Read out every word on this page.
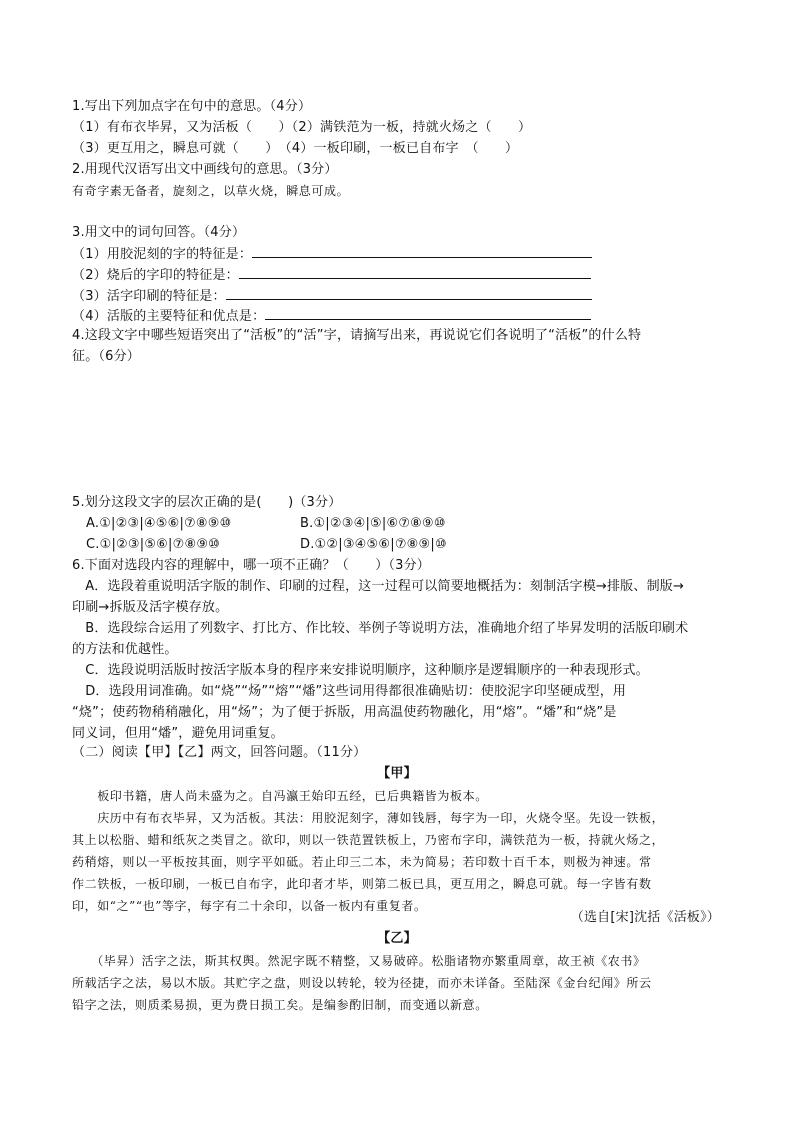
1.写出下列加点字在句中的意思。（4分）
（1）有布衣毕昇，又为活板（　　）（2）满铁范为一板，持就火炀之（　　）
（3）更互用之，瞬息可就（　　）　（4）一板印刷，一板已自布字　（　　）
2.用现代汉语写出文中画线句的意思。（3分）
有奇字素无备者，旋刻之，以草火烧，瞬息可成。
3.用文中的词句回答。（4分）
（1）用胶泥刻的字的特征是：
（2）烧后的字印的特征是：
（3）活字印刷的特征是：
（4）活版的主要特征和优点是：
4.这段文字中哪些短语突出了“活板”的“活”字，请摘写出来，再说说它们各说明了“活板”的什么特
征。（6分）
5.划分这段文字的层次正确的是(　　)（3分）
A.①|②③|④⑤⑥|⑦⑧⑨⑩	B.①|②③④|⑤|⑥⑦⑧⑨⑩
C.①|②③|⑤⑥|⑦⑧⑨⑩	D.①②|③④⑤⑥|⑦⑧⑨|⑩
6.下面对选段内容的理解中，哪一项不正确？（　　）（3分）
　A．选段着重说明活字版的制作、印刷的过程，这一过程可以简要地概括为：刻制活字模→排版、制版→
印刷→拆版及活字模存放。
　B．选段综合运用了列数字、打比方、作比较、举例子等说明方法，准确地介绍了毕昇发明的活版印刷术
的方法和优越性。
　C．选段说明活版时按活字版本身的程序来安排说明顺序，这种顺序是逻辑顺序的一种表现形式。
　D．选段用词准确。如“烧”“炀”“熔”“燔”这些词用得都很准确贴切：使胶泥字印坚硬成型，用
“烧”；使药物稍稍融化，用“炀”；为了便于拆版，用高温使药物融化，用“熔”。“燔”和“烧”是
同义词，但用“燔”，避免用词重复。
（二）阅读【甲】【乙】两文，回答问题。（11分）
【甲】
　　板印书籍，唐人尚未盛为之。自冯瀛王始印五经，已后典籍皆为板本。
　　庆历中有布衣毕昇，又为活板。其法：用胶泥刻字，薄如钱唇，每字为一印，火烧令坚。先设一铁板，
其上以松脂、蜡和纸灰之类冒之。欲印，则以一铁范置铁板上，乃密布字印，满铁范为一板，持就火炀之，
药稍熔，则以一平板按其面，则字平如砥。若止印三二本，未为简易；若印数十百千本，则极为神速。常
作二铁板，一板印刷，一板已自布字，此印者才毕，则第二板已具，更互用之，瞬息可就。每一字皆有数
印，如“之”“也”等字，每字有二十余印，以备一板内有重复者。
（选自[宋]沈括《活板》）
【乙】
　　（毕昇）活字之法，斯其权舆。然泥字既不精整，又易破碎。松脂诸物亦繁重周章，故王祯《农书》
所载活字之法，易以木版。其贮字之盘，则设以转轮，较为径捷，而亦未详备。至陆深《金台纪闻》所云
铅字之法，则质柔易损，更为费日损工矣。是编参酌旧制，而变通以新意。
